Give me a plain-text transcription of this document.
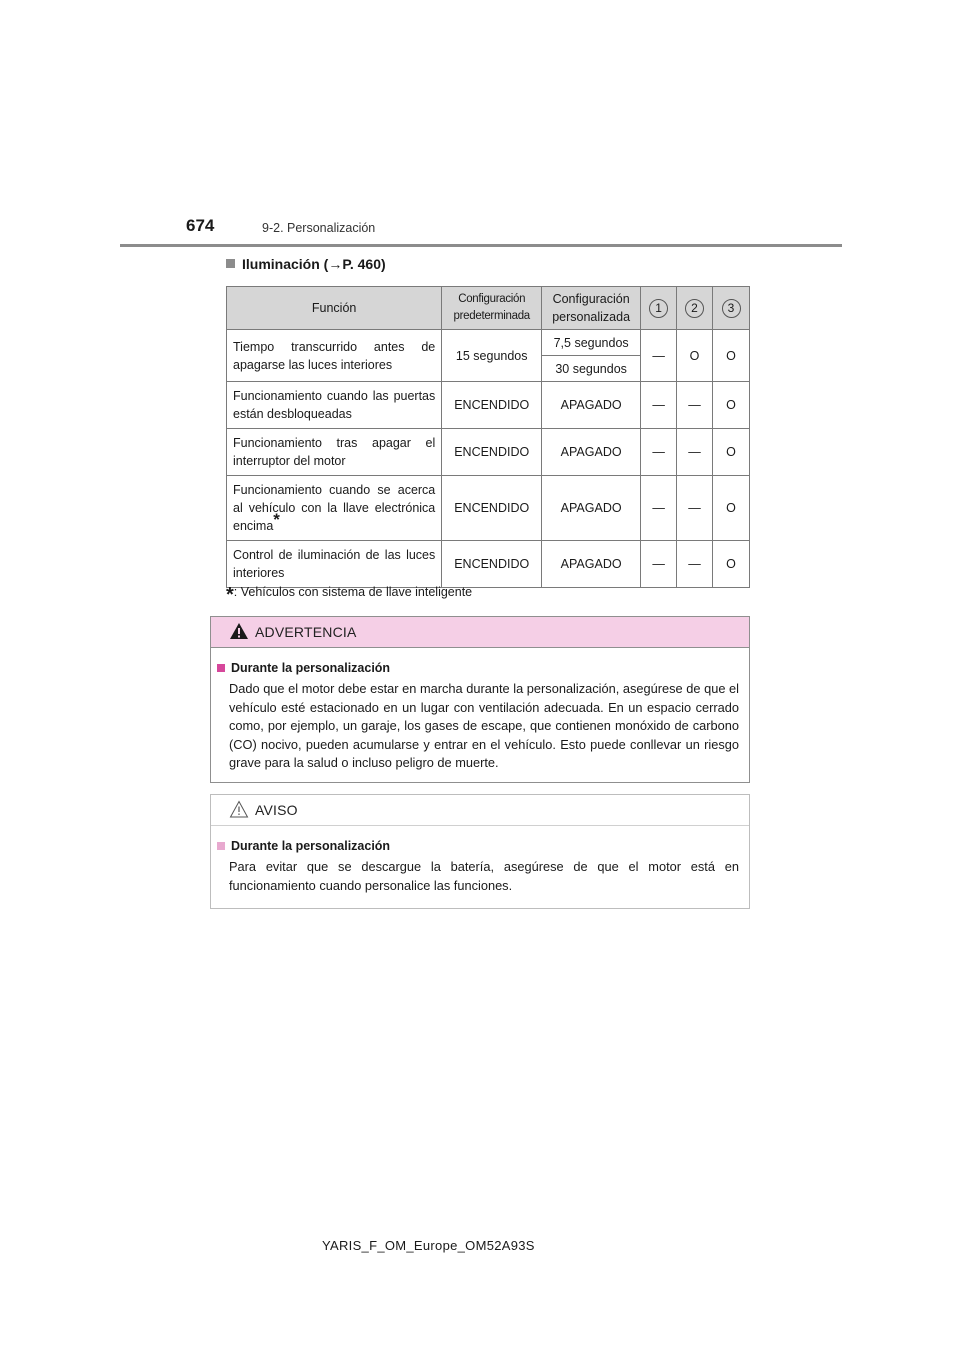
674	9-2. Personalización
Iluminación (→P. 460)
Función	Configuración predeterminada	Configuración personalizada	1	2	3
Tiempo transcurrido antes de apagarse las luces interiores	15 segundos	7,5 segundos	—	O	O
		30 segundos			
Funcionamiento cuando las puertas están desbloqueadas	ENCENDIDO	APAGADO	—	—	O
Funcionamiento tras apagar el interruptor del motor	ENCENDIDO	APAGADO	—	—	O
Funcionamiento cuando se acerca al vehículo con la llave electrónica encima*	ENCENDIDO	APAGADO	—	—	O
Control de iluminación de las luces interiores	ENCENDIDO	APAGADO	—	—	O
*: Vehículos con sistema de llave inteligente
ADVERTENCIA
Durante la personalización
Dado que el motor debe estar en marcha durante la personalización, asegúrese de que el vehículo esté estacionado en un lugar con ventilación adecuada. En un espacio cerrado como, por ejemplo, un garaje, los gases de escape, que contienen monóxido de carbono (CO) nocivo, pueden acumularse y entrar en el vehículo. Esto puede conllevar un riesgo grave para la salud o incluso peligro de muerte.
AVISO
Durante la personalización
Para evitar que se descargue la batería, asegúrese de que el motor está en funcionamiento cuando personalice las funciones.
YARIS_F_OM_Europe_OM52A93S
